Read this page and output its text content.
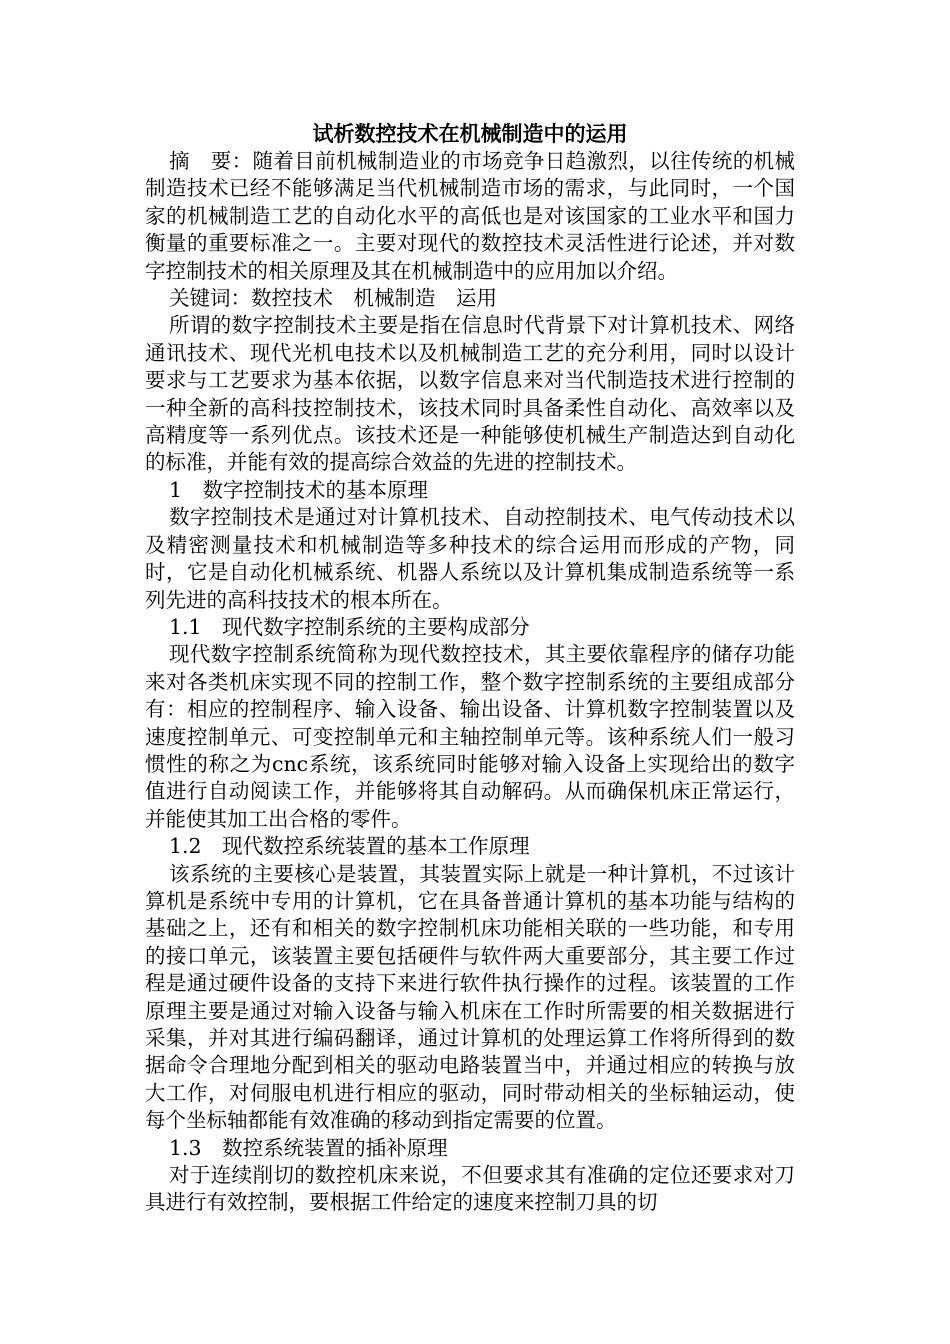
试析数控技术在机械制造中的运用

摘　要：随着目前机械制造业的市场竞争日趋激烈，以往传统的机械制造技术已经不能够满足当代机械制造市场的需求，与此同时，一个国家的机械制造工艺的自动化水平的高低也是对该国家的工业水平和国力衡量的重要标准之一。主要对现代的数控技术灵活性进行论述，并对数字控制技术的相关原理及其在机械制造中的应用加以介绍。

关键词：数控技术　机械制造　运用

所谓的数字控制技术主要是指在信息时代背景下对计算机技术、网络通讯技术、现代光机电技术以及机械制造工艺的充分利用，同时以设计要求与工艺要求为基本依据，以数字信息来对当代制造技术进行控制的一种全新的高科技控制技术，该技术同时具备柔性自动化、高效率以及高精度等一系列优点。该技术还是一种能够使机械生产制造达到自动化的标准，并能有效的提高综合效益的先进的控制技术。

1　数字控制技术的基本原理

数字控制技术是通过对计算机技术、自动控制技术、电气传动技术以及精密测量技术和机械制造等多种技术的综合运用而形成的产物，同时，它是自动化机械系统、机器人系统以及计算机集成制造系统等一系列先进的高科技技术的根本所在。

1.1　现代数字控制系统的主要构成部分

现代数字控制系统简称为现代数控技术，其主要依靠程序的储存功能来对各类机床实现不同的控制工作，整个数字控制系统的主要组成部分有：相应的控制程序、输入设备、输出设备、计算机数字控制装置以及速度控制单元、可变控制单元和主轴控制单元等。该种系统人们一般习惯性的称之为cnc系统，该系统同时能够对输入设备上实现给出的数字值进行自动阅读工作，并能够将其自动解码。从而确保机床正常运行，并能使其加工出合格的零件。

1.2　现代数控系统装置的基本工作原理

该系统的主要核心是装置，其装置实际上就是一种计算机，不过该计算机是系统中专用的计算机，它在具备普通计算机的基本功能与结构的基础之上，还有和相关的数字控制机床功能相关联的一些功能，和专用的接口单元，该装置主要包括硬件与软件两大重要部分，其主要工作过程是通过硬件设备的支持下来进行软件执行操作的过程。该装置的工作原理主要是通过对输入设备与输入机床在工作时所需要的相关数据进行采集，并对其进行编码翻译，通过计算机的处理运算工作将所得到的数据命令合理地分配到相关的驱动电路装置当中，并通过相应的转换与放大工作，对伺服电机进行相应的驱动，同时带动相关的坐标轴运动，使每个坐标轴都能有效准确的移动到指定需要的位置。

1.3　数控系统装置的插补原理

对于连续削切的数控机床来说，不但要求其有准确的定位还要求对刀具进行有效控制，要根据工件给定的速度来控制刀具的切
